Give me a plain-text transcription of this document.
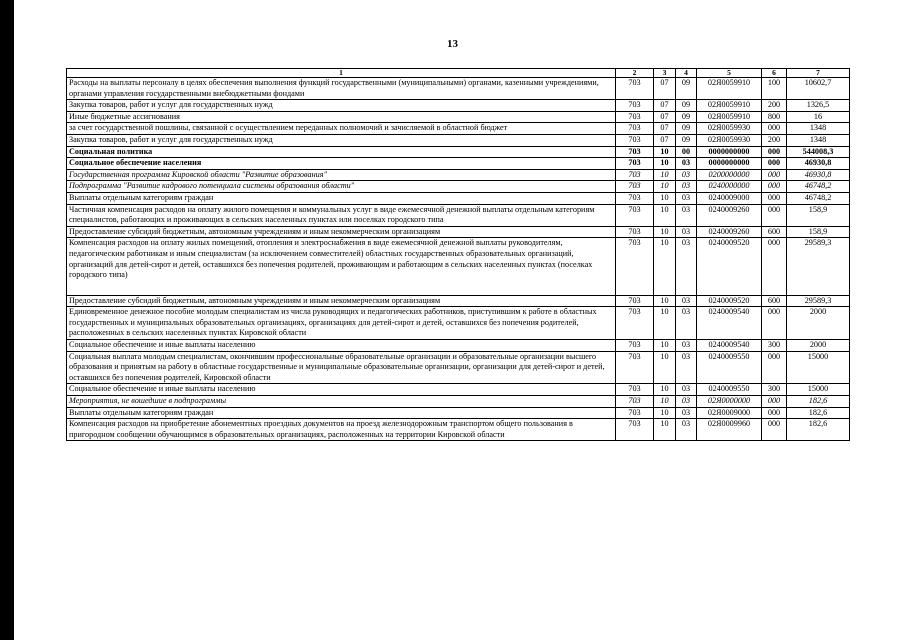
13
1	2	3	4	5	6	7
Расходы на выплаты персоналу в целях обеспечения выполнения функций государственными (муниципальными) органами, казенными учреждениями, органами управления государственными внебюджетными фондами	703	07	09	02Я0059910	100	10602,7
Закупка товаров, работ и услуг для государственных нужд	703	07	09	02Я0059910	200	1326,5
Иные бюджетные ассигнования	703	07	09	02Я0059910	800	16
за счет государственной пошлины, связанной с осуществлением переданных полномочий и зачисляемой в областной бюджет	703	07	09	02Я0059930	000	1348
Закупка товаров, работ и услуг для государственных нужд	703	07	09	02Я0059930	200	1348
Социальная политика	703	10	00	0000000000	000	544008,3
Социальное обеспечение населения	703	10	03	0000000000	000	46930,8
Государственная программа Кировской области "Развитие образования"	703	10	03	0200000000	000	46930,8
Подпрограмма "Развитие кадрового потенциала системы образования области"	703	10	03	0240000000	000	46748,2
Выплаты отдельным категориям граждан	703	10	03	0240009000	000	46748,2
Частичная компенсация расходов на оплату жилого помещения и коммунальных услуг в виде ежемесячной денежной выплаты отдельным категориям специалистов, работающих и проживающих в сельских населенных пунктах или поселках городского типа	703	10	03	0240009260	000	158,9
Предоставление субсидий бюджетным, автономным учреждениям и иным некоммерческим организациям	703	10	03	0240009260	600	158,9
Компенсация расходов на оплату жилых помещений, отопления и электроснабжения в виде ежемесячной денежной выплаты руководителям, педагогическим работникам и иным специалистам (за исключением совместителей) областных государственных образовательных организаций, организаций для детей-сирот и детей, оставшихся без попечения родителей, проживающим и работающим в сельских населенных пунктах (поселках городского типа)	703	10	03	0240009520	000	29589,3
Предоставление субсидий бюджетным, автономным учреждениям и иным некоммерческим организациям	703	10	03	0240009520	600	29589,3
Единовременное денежное пособие молодым специалистам из числа руководящих и педагогических работников, приступившим к работе в областных государственных и муниципальных образовательных организациях, организациях для детей-сирот и детей, оставшихся без попечения родителей, расположенных в сельских населенных пунктах Кировской области	703	10	03	0240009540	000	2000
Социальное обеспечение и иные выплаты населению	703	10	03	0240009540	300	2000
Социальная выплата молодым специалистам, окончившим профессиональные образовательные организации и образовательные организации высшего образования и принятым на работу в областные государственные и муниципальные образовательные организации, организации для детей-сирот и детей, оставшихся без попечения родителей, Кировской области	703	10	03	0240009550	000	15000
Социальное обеспечение и иные выплаты населению	703	10	03	0240009550	300	15000
Мероприятия, не вошедшие в подпрограммы	703	10	03	02Я0000000	000	182,6
Выплаты отдельным категориям граждан	703	10	03	02Я0009000	000	182,6
Компенсация расходов на приобретение абонементных проездных документов на проезд железнодорожным транспортом общего пользования в пригородном сообщении обучающимся в образовательных организациях, расположенных на территории Кировской области	703	10	03	02Я0009960	000	182,6
